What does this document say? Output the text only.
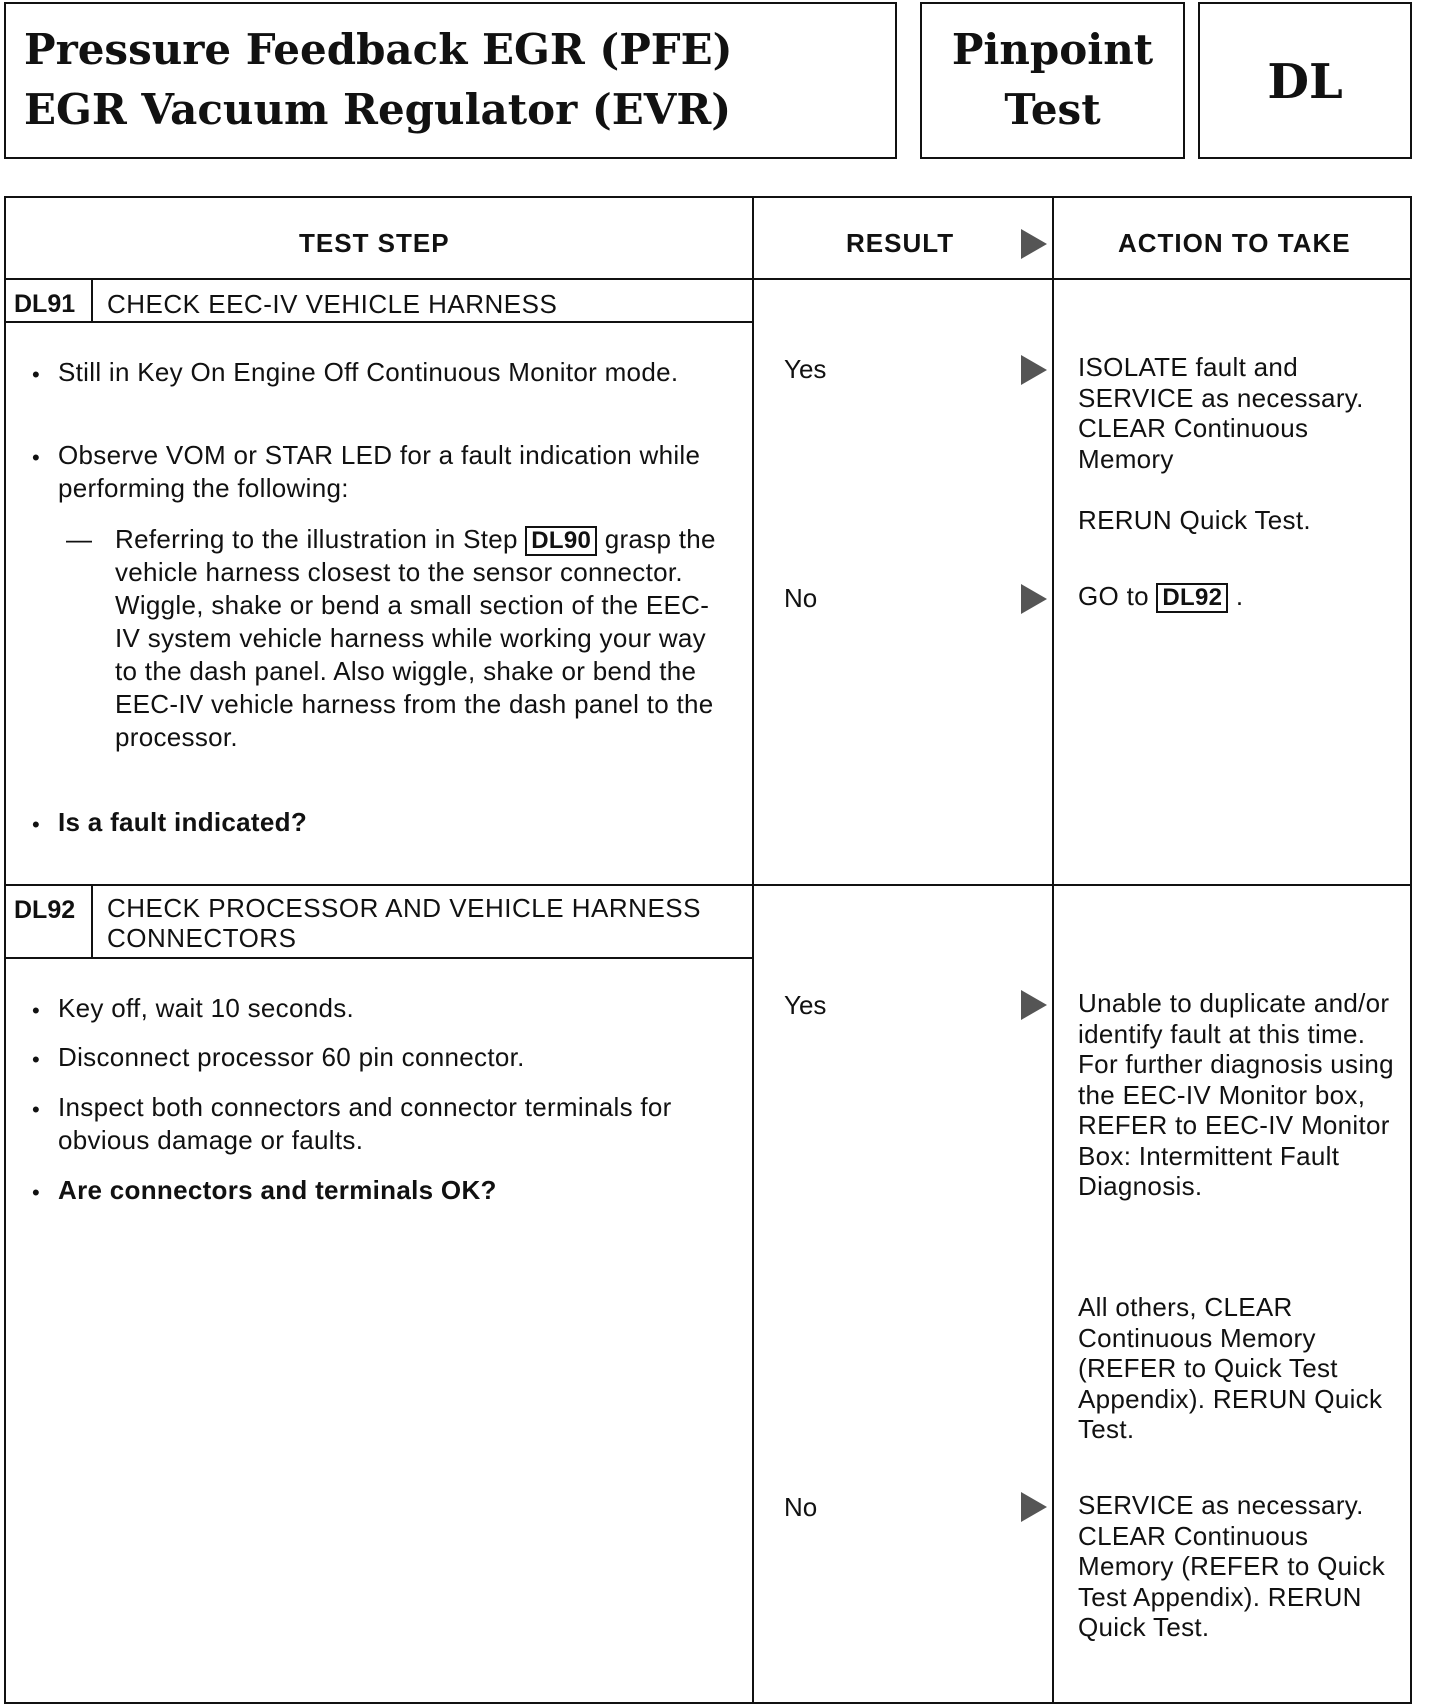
Pressure Feedback EGR (PFE)
EGR Vacuum Regulator (EVR)
Pinpoint
Test	DL
TEST STEP	RESULT	ACTION TO TAKE
DL91 CHECK EEC-IV VEHICLE HARNESS
• Still in Key On Engine Off Continuous Monitor mode.
• Observe VOM or STAR LED for a fault indication while performing the following:
— Referring to the illustration in Step DL90 grasp the vehicle harness closest to the sensor connector. Wiggle, shake or bend a small section of the EEC-IV system vehicle harness while working your way to the dash panel. Also wiggle, shake or bend the EEC-IV vehicle harness from the dash panel to the processor.
• Is a fault indicated?
Yes	ISOLATE fault and SERVICE as necessary. CLEAR Continuous Memory
RERUN Quick Test.
No	GO to DL92 .
DL92 CHECK PROCESSOR AND VEHICLE HARNESS CONNECTORS
• Key off, wait 10 seconds.
• Disconnect processor 60 pin connector.
• Inspect both connectors and connector terminals for obvious damage or faults.
• Are connectors and terminals OK?
Yes	Unable to duplicate and/or identify fault at this time. For further diagnosis using the EEC-IV Monitor box, REFER to EEC-IV Monitor Box: Intermittent Fault Diagnosis.
All others, CLEAR Continuous Memory (REFER to Quick Test Appendix). RERUN Quick Test.
No	SERVICE as necessary. CLEAR Continuous Memory (REFER to Quick Test Appendix). RERUN Quick Test.
